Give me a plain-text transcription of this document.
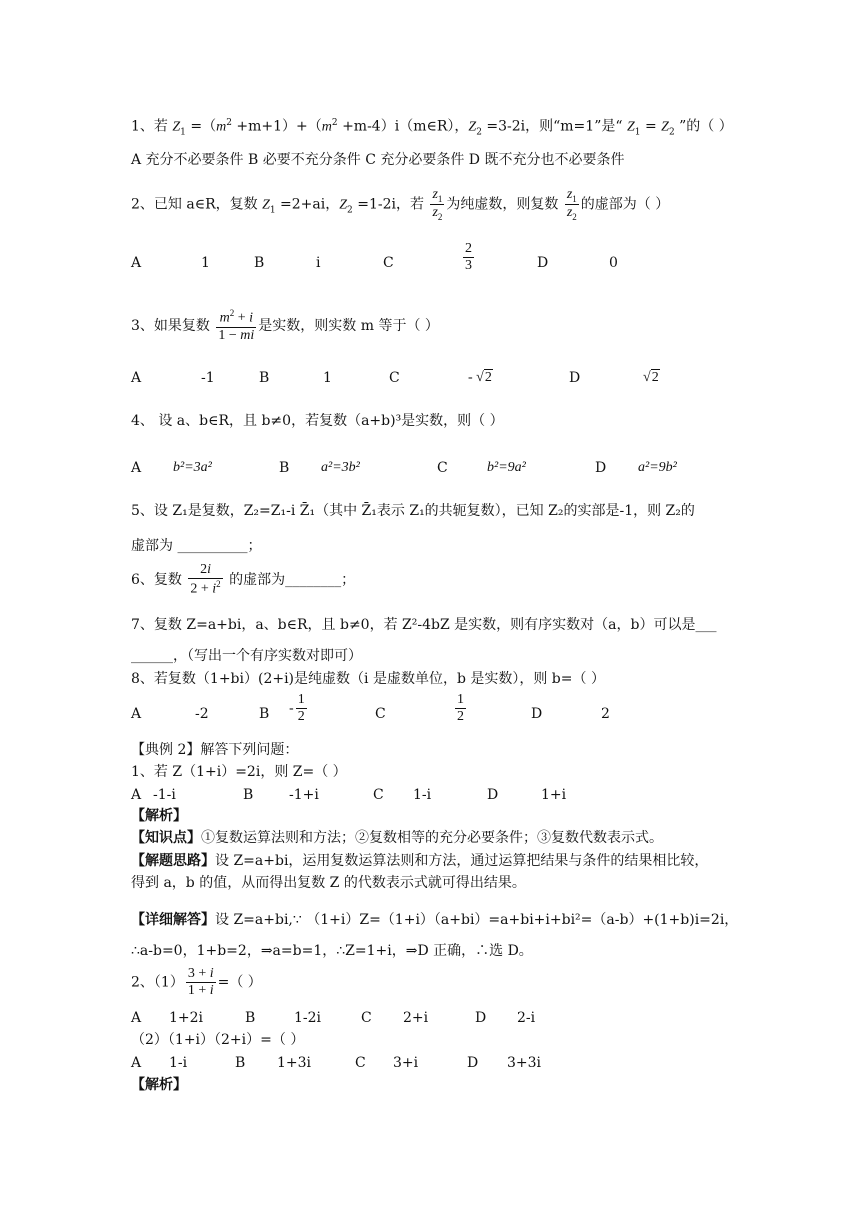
1、若 $Z_1 =(m^2 +m+1)+(m^2$ +m-4）i（m∈R），$Z_2 =3-2i$，则“m=1”是“ $Z_1 = Z_2$ ”的（ ）
A 充分不必要条件 B 必要不充分条件 C 充分必要条件 D 既不充分也不必要条件
2、已知 a∈R，复数 $Z_1 =2+ai$，$Z_2 =1-2i$，若 $\frac{z_1}{z_2}$ 为纯虚数，则复数 $\frac{z_1}{z_2}$ 的虚部为（ ）
A	1	B	i	C	$\frac{2}{3}$	D	0
3、如果复数 $\frac{m^2 + i}{1 - mi}$ 是实数，则实数 m 等于（ ）
A	-1	B	1	C	- √2	D	√2
4、 设 a、b∈R，且 b≠0，若复数（a+b)³是实数，则（ ）
A b²=3a²	B a²=3b²	C	b²=9a²	D a²=9b²
5、设 Z₁是复数，Z₂=Z₁-i Z̄₁（其中 Z̄₁表示 Z₁的共轭复数），已知 Z₂的实部是-1，则 Z₂的
虚部为 __________；
6、复数 $\frac{2i}{2 + i^2}$ 的虚部为________；
7、复数 Z=a+bi，a、b∈R，且 b≠0，若 Z²-4bZ 是实数，则有序实数对（a，b）可以是___
______，（写出一个有序实数对即可）
8、若复数（1+bi）(2+i)是纯虚数（i 是虚数单位，b 是实数），则 b=（ ）
A	-2	B - $\frac{1}{2}$	C	$\frac{1}{2}$	D	2
【典例 2】解答下列问题：
1、若 Z（1+i）=2i，则 Z=（ ）
A -1-i	B	-1+i	C 1-i	D	1+i
【解析】
【知识点】①复数运算法则和方法；②复数相等的充分必要条件；③复数代数表示式。
【解题思路】设 Z=a+bi，运用复数运算法则和方法，通过运算把结果与条件的结果相比较，
得到 a，b 的值，从而得出复数 Z 的代数表示式就可得出结果。
【详细解答】设 Z=a+bi,∵ （1+i）Z=（1+i）（a+bi）=a+bi+i+bi²=（a-b）+(1+b)i=2i，
∴a-b=0，1+b=2，⇒a=b=1，∴Z=1+i，⇒D 正确，∴选 D。
2、$(1) \frac{3 + i}{1 + i}$ =（ ）
A 1+2i	B	1-2i	C 2+i	D 2-i
（2）（1+i）（2+i）=（ ）
A 1-i	B 1+3i	C 3+i	D 3+3i
【解析】
